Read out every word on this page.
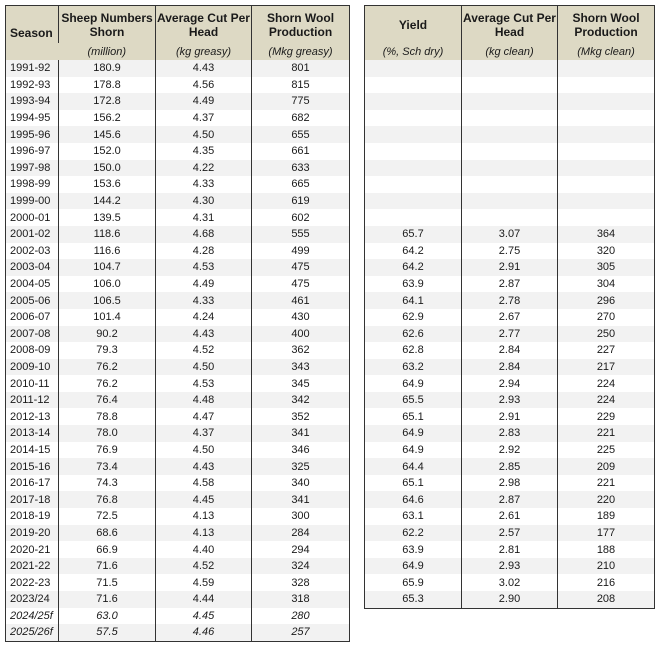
Season	Sheep Numbers Shorn	Average Cut Per Head	Shorn Wool Production
	(million)	(kg greasy)	(Mkg greasy)
1991-92	180.9	4.43	801
1992-93	178.8	4.56	815
1993-94	172.8	4.49	775
1994-95	156.2	4.37	682
1995-96	145.6	4.50	655
1996-97	152.0	4.35	661
1997-98	150.0	4.22	633
1998-99	153.6	4.33	665
1999-00	144.2	4.30	619
2000-01	139.5	4.31	602
2001-02	118.6	4.68	555
2002-03	116.6	4.28	499
2003-04	104.7	4.53	475
2004-05	106.0	4.49	475
2005-06	106.5	4.33	461
2006-07	101.4	4.24	430
2007-08	90.2	4.43	400
2008-09	79.3	4.52	362
2009-10	76.2	4.50	343
2010-11	76.2	4.53	345
2011-12	76.4	4.48	342
2012-13	78.8	4.47	352
2013-14	78.0	4.37	341
2014-15	76.9	4.50	346
2015-16	73.4	4.43	325
2016-17	74.3	4.58	340
2017-18	76.8	4.45	341
2018-19	72.5	4.13	300
2019-20	68.6	4.13	284
2020-21	66.9	4.40	294
2021-22	71.6	4.52	324
2022-23	71.5	4.59	328
2023/24	71.6	4.44	318
2024/25f	63.0	4.45	280
2025/26f	57.5	4.46	257
Yield	Average Cut Per Head	Shorn Wool Production
(%, Sch dry)	(kg clean)	(Mkg clean)

65.7	3.07	364
64.2	2.75	320
64.2	2.91	305
63.9	2.87	304
64.1	2.78	296
62.9	2.67	270
62.6	2.77	250
62.8	2.84	227
63.2	2.84	217
64.9	2.94	224
65.5	2.93	224
65.1	2.91	229
64.9	2.83	221
64.9	2.92	225
64.4	2.85	209
65.1	2.98	221
64.6	2.87	220
63.1	2.61	189
62.2	2.57	177
63.9	2.81	188
64.9	2.93	210
65.9	3.02	216
65.3	2.90	208
